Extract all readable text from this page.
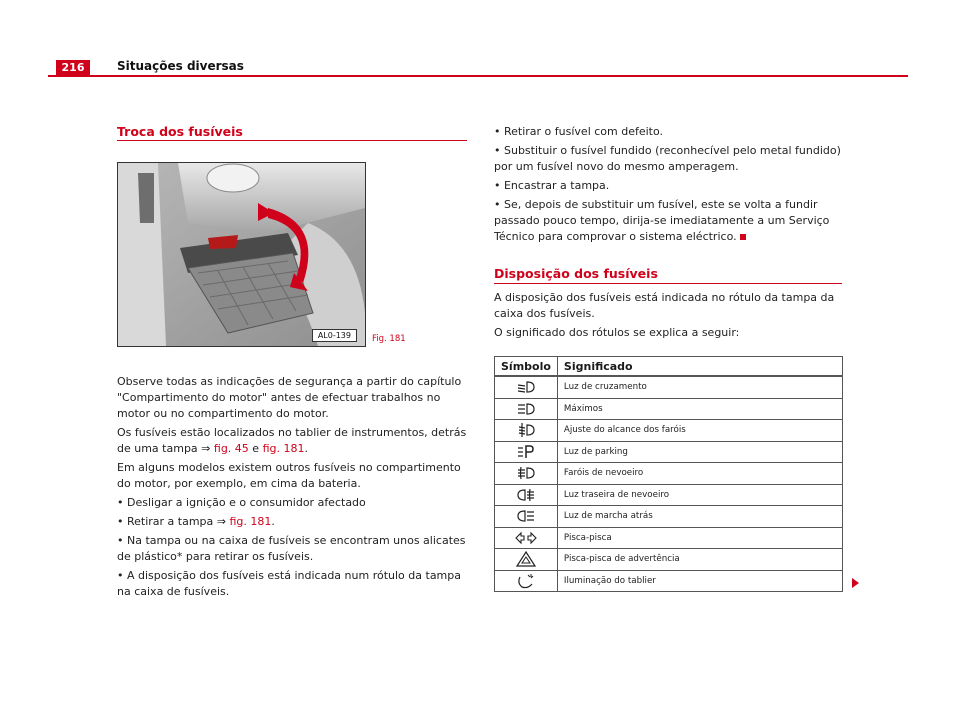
216	Situações diversas
Troca dos fusíveis
AL0-139	Fig. 181

Observe todas as indicações de segurança a partir do capítulo "Compartimento do motor" antes de efectuar trabalhos no motor ou no compartimento do motor.

Os fusíveis estão localizados no tablier de instrumentos, detrás de uma tampa ⇒ fig. 45 e fig. 181.

Em alguns modelos existem outros fusíveis no compartimento do motor, por exemplo, em cima da bateria.

• Desligar a ignição e o consumidor afectado

• Retirar a tampa ⇒ fig. 181.

• Na tampa ou na caixa de fusíveis se encontram unos alicates de plástico* para retirar os fusíveis.

• A disposição dos fusíveis está indicada num rótulo da tampa na caixa de fusíveis.

• Retirar o fusível com defeito.

• Substituir o fusível fundido (reconhecível pelo metal fundido) por um fusível novo do mesmo amperagem.

• Encastrar a tampa.

• Se, depois de substituir um fusível, este se volta a fundir passado pouco tempo, dirija-se imediatamente a um Serviço Técnico para comprovar o sistema eléctrico.

Disposição dos fusíveis

A disposição dos fusíveis está indicada no rótulo da tampa da caixa dos fusíveis.

O significado dos rótulos se explica a seguir:

Símbolo	Significado
	Luz de cruzamento
	Máximos
	Ajuste do alcance dos faróis
	Luz de parking
	Faróis de nevoeiro
	Luz traseira de nevoeiro
	Luz de marcha atrás
	Pisca-pisca
	Pisca-pisca de advertência
	Iluminação do tablier
